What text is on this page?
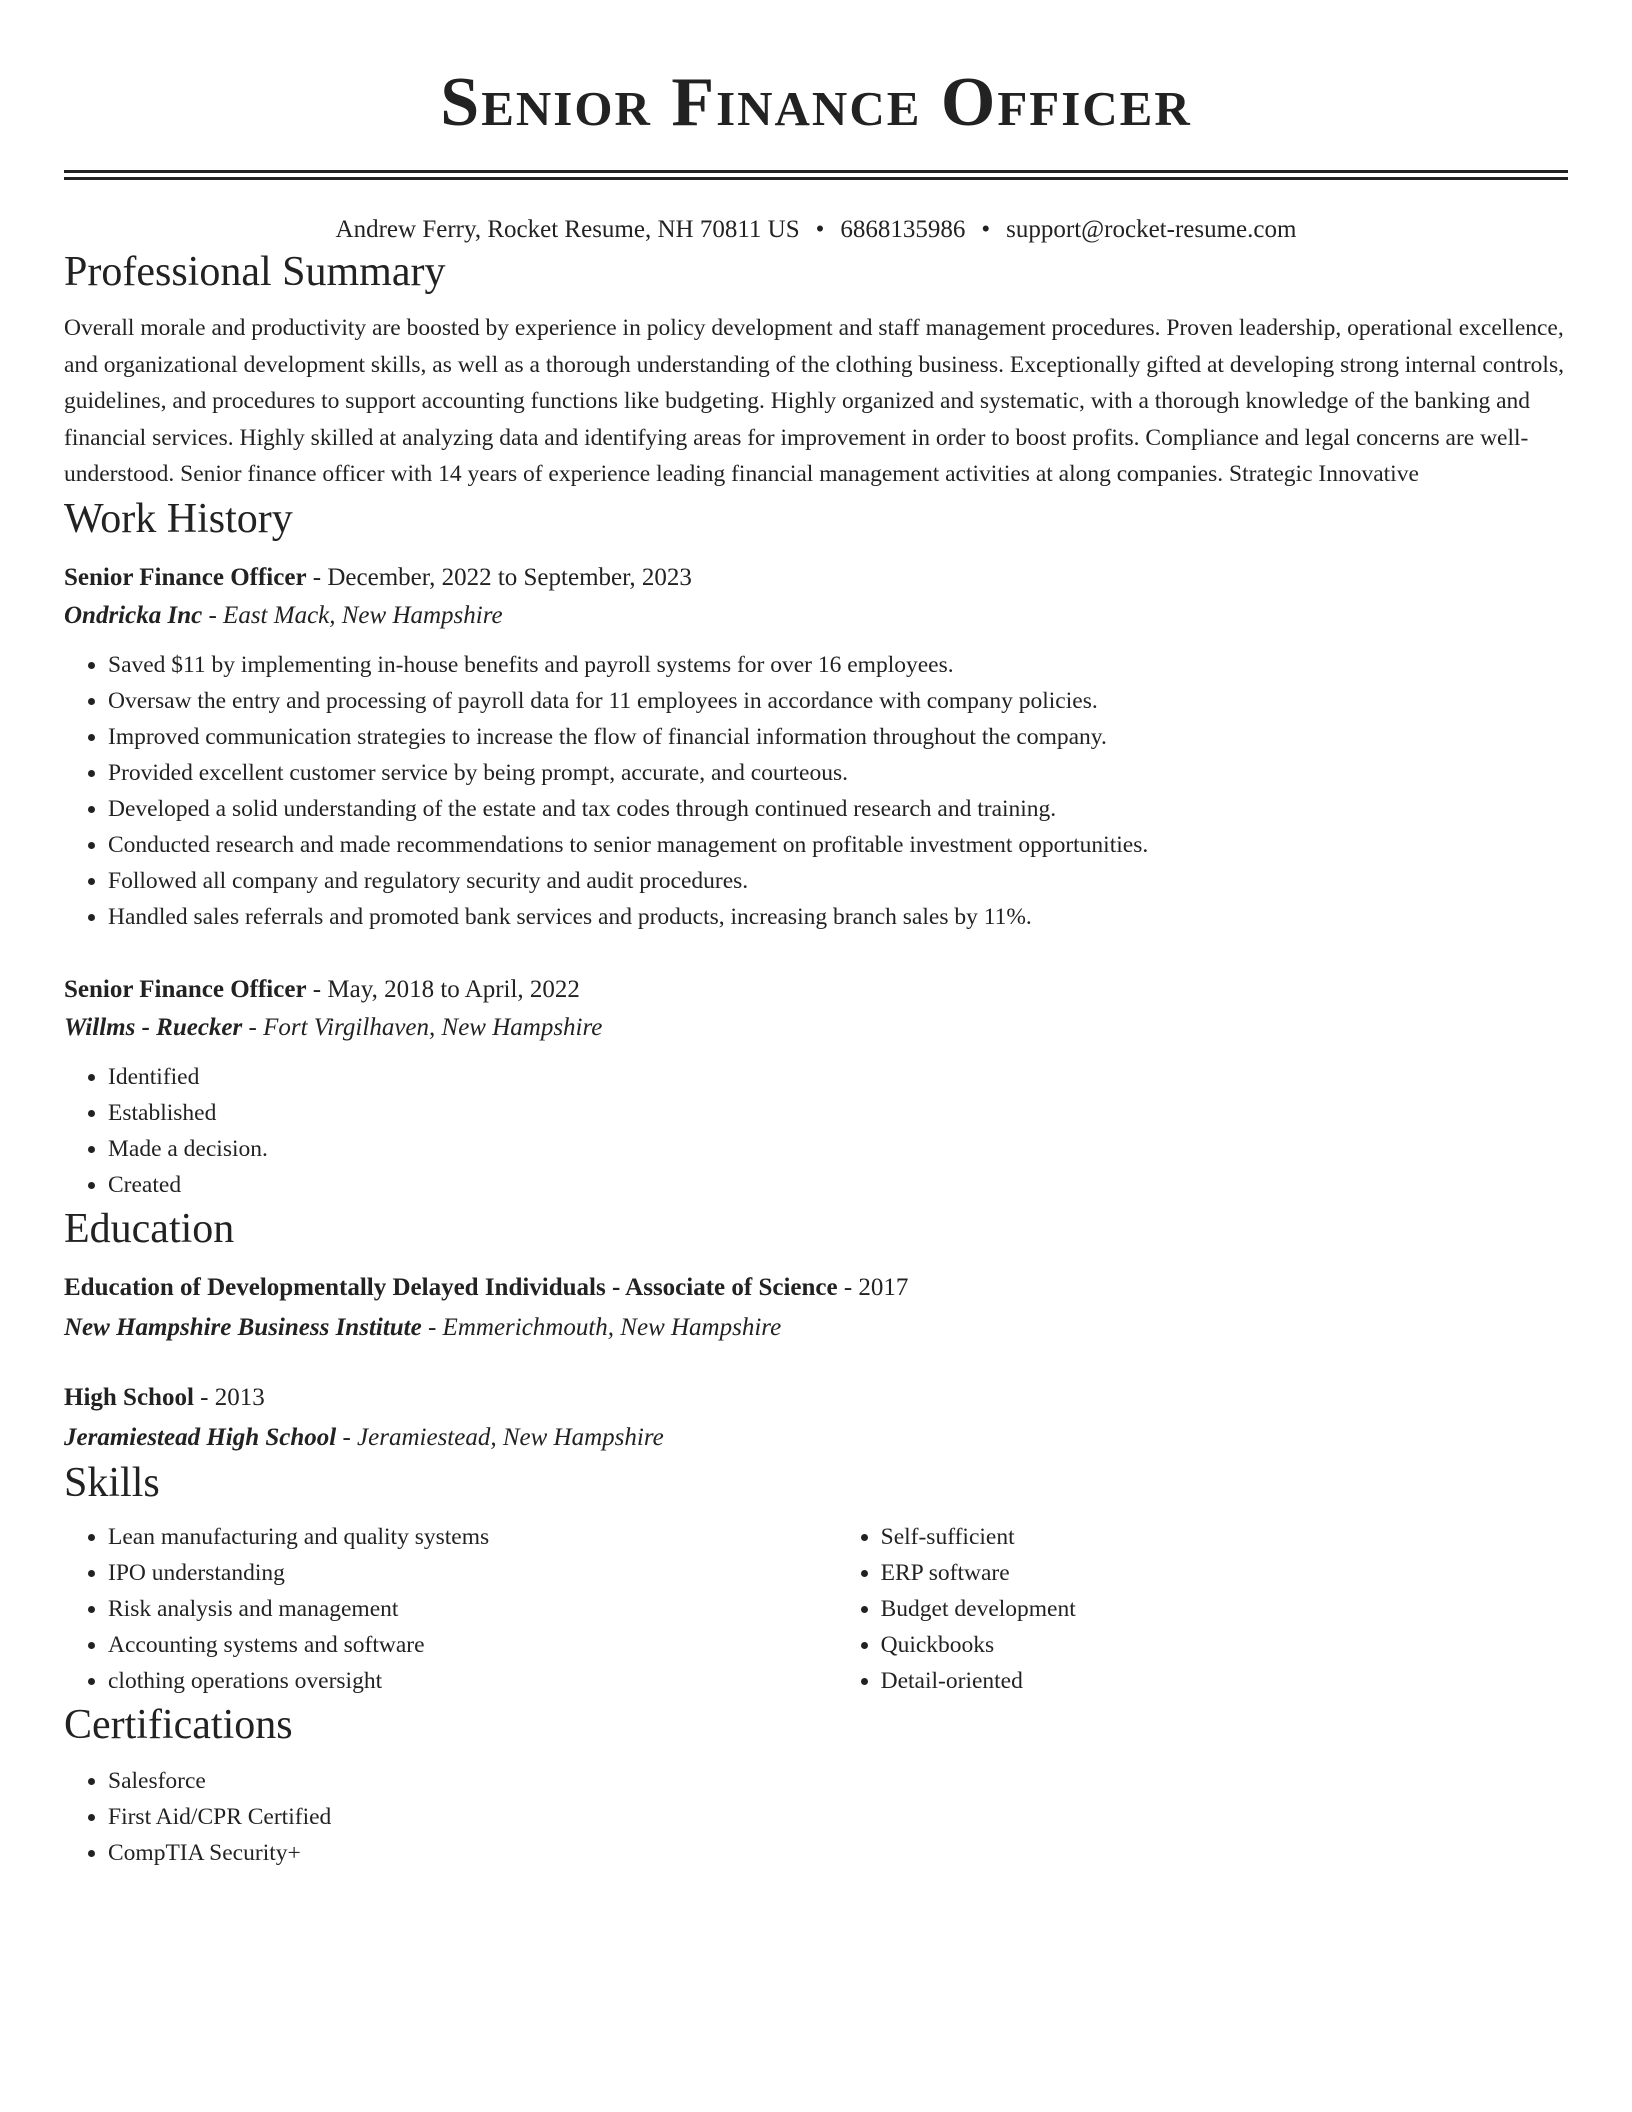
Senior Finance Officer
Andrew Ferry, Rocket Resume, NH 70811 US • 6868135986 • support@rocket-resume.com
Professional Summary
Overall morale and productivity are boosted by experience in policy development and staff management procedures. Proven leadership, operational excellence, and organizational development skills, as well as a thorough understanding of the clothing business. Exceptionally gifted at developing strong internal controls, guidelines, and procedures to support accounting functions like budgeting. Highly organized and systematic, with a thorough knowledge of the banking and financial services. Highly skilled at analyzing data and identifying areas for improvement in order to boost profits. Compliance and legal concerns are well-understood. Senior finance officer with 14 years of experience leading financial management activities at along companies. Strategic Innovative
Work History
Senior Finance Officer - December, 2022 to September, 2023
Ondricka Inc - East Mack, New Hampshire
• Saved $11 by implementing in-house benefits and payroll systems for over 16 employees.
• Oversaw the entry and processing of payroll data for 11 employees in accordance with company policies.
• Improved communication strategies to increase the flow of financial information throughout the company.
• Provided excellent customer service by being prompt, accurate, and courteous.
• Developed a solid understanding of the estate and tax codes through continued research and training.
• Conducted research and made recommendations to senior management on profitable investment opportunities.
• Followed all company and regulatory security and audit procedures.
• Handled sales referrals and promoted bank services and products, increasing branch sales by 11%.
Senior Finance Officer - May, 2018 to April, 2022
Willms - Ruecker - Fort Virgilhaven, New Hampshire
• Identified
• Established
• Made a decision.
• Created
Education
Education of Developmentally Delayed Individuals - Associate of Science - 2017
New Hampshire Business Institute - Emmerichmouth, New Hampshire
High School - 2013
Jeramiestead High School - Jeramiestead, New Hampshire
Skills
• Lean manufacturing and quality systems
• IPO understanding
• Risk analysis and management
• Accounting systems and software
• clothing operations oversight
• Self-sufficient
• ERP software
• Budget development
• Quickbooks
• Detail-oriented
Certifications
• Salesforce
• First Aid/CPR Certified
• CompTIA Security+
